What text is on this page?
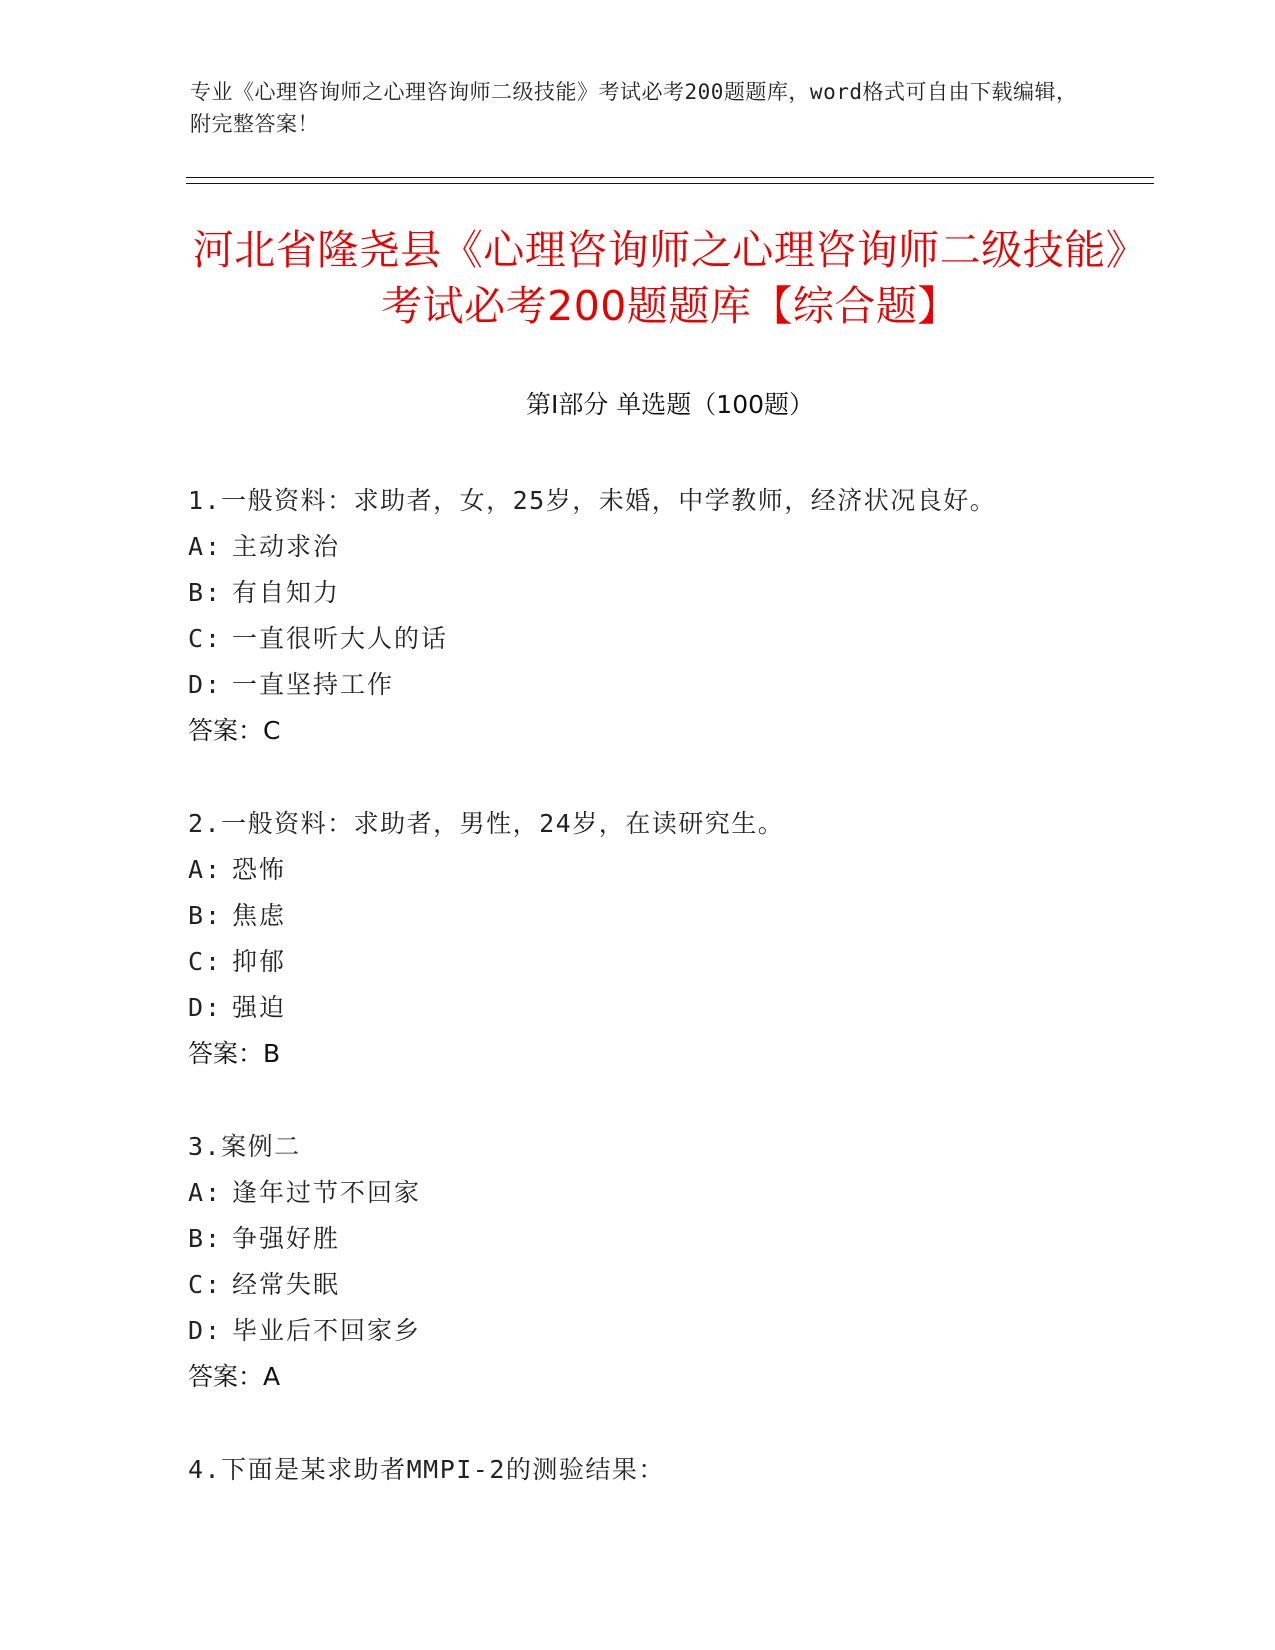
专业《心理咨询师之心理咨询师二级技能》考试必考200题题库，word格式可自由下载编辑，附完整答案！
河北省隆尧县《心理咨询师之心理咨询师二级技能》考试必考200题题库【综合题】
第I部分 单选题（100题）
1.一般资料：求助者，女，25岁，未婚，中学教师，经济状况良好。
A: 主动求治
B: 有自知力
C: 一直很听大人的话
D: 一直坚持工作
答案：C
2.一般资料：求助者，男性，24岁，在读研究生。
A: 恐怖
B: 焦虑
C: 抑郁
D: 强迫
答案：B
3.案例二
A: 逢年过节不回家
B: 争强好胜
C: 经常失眠
D: 毕业后不回家乡
答案：A
4.下面是某求助者MMPI-2的测验结果：
